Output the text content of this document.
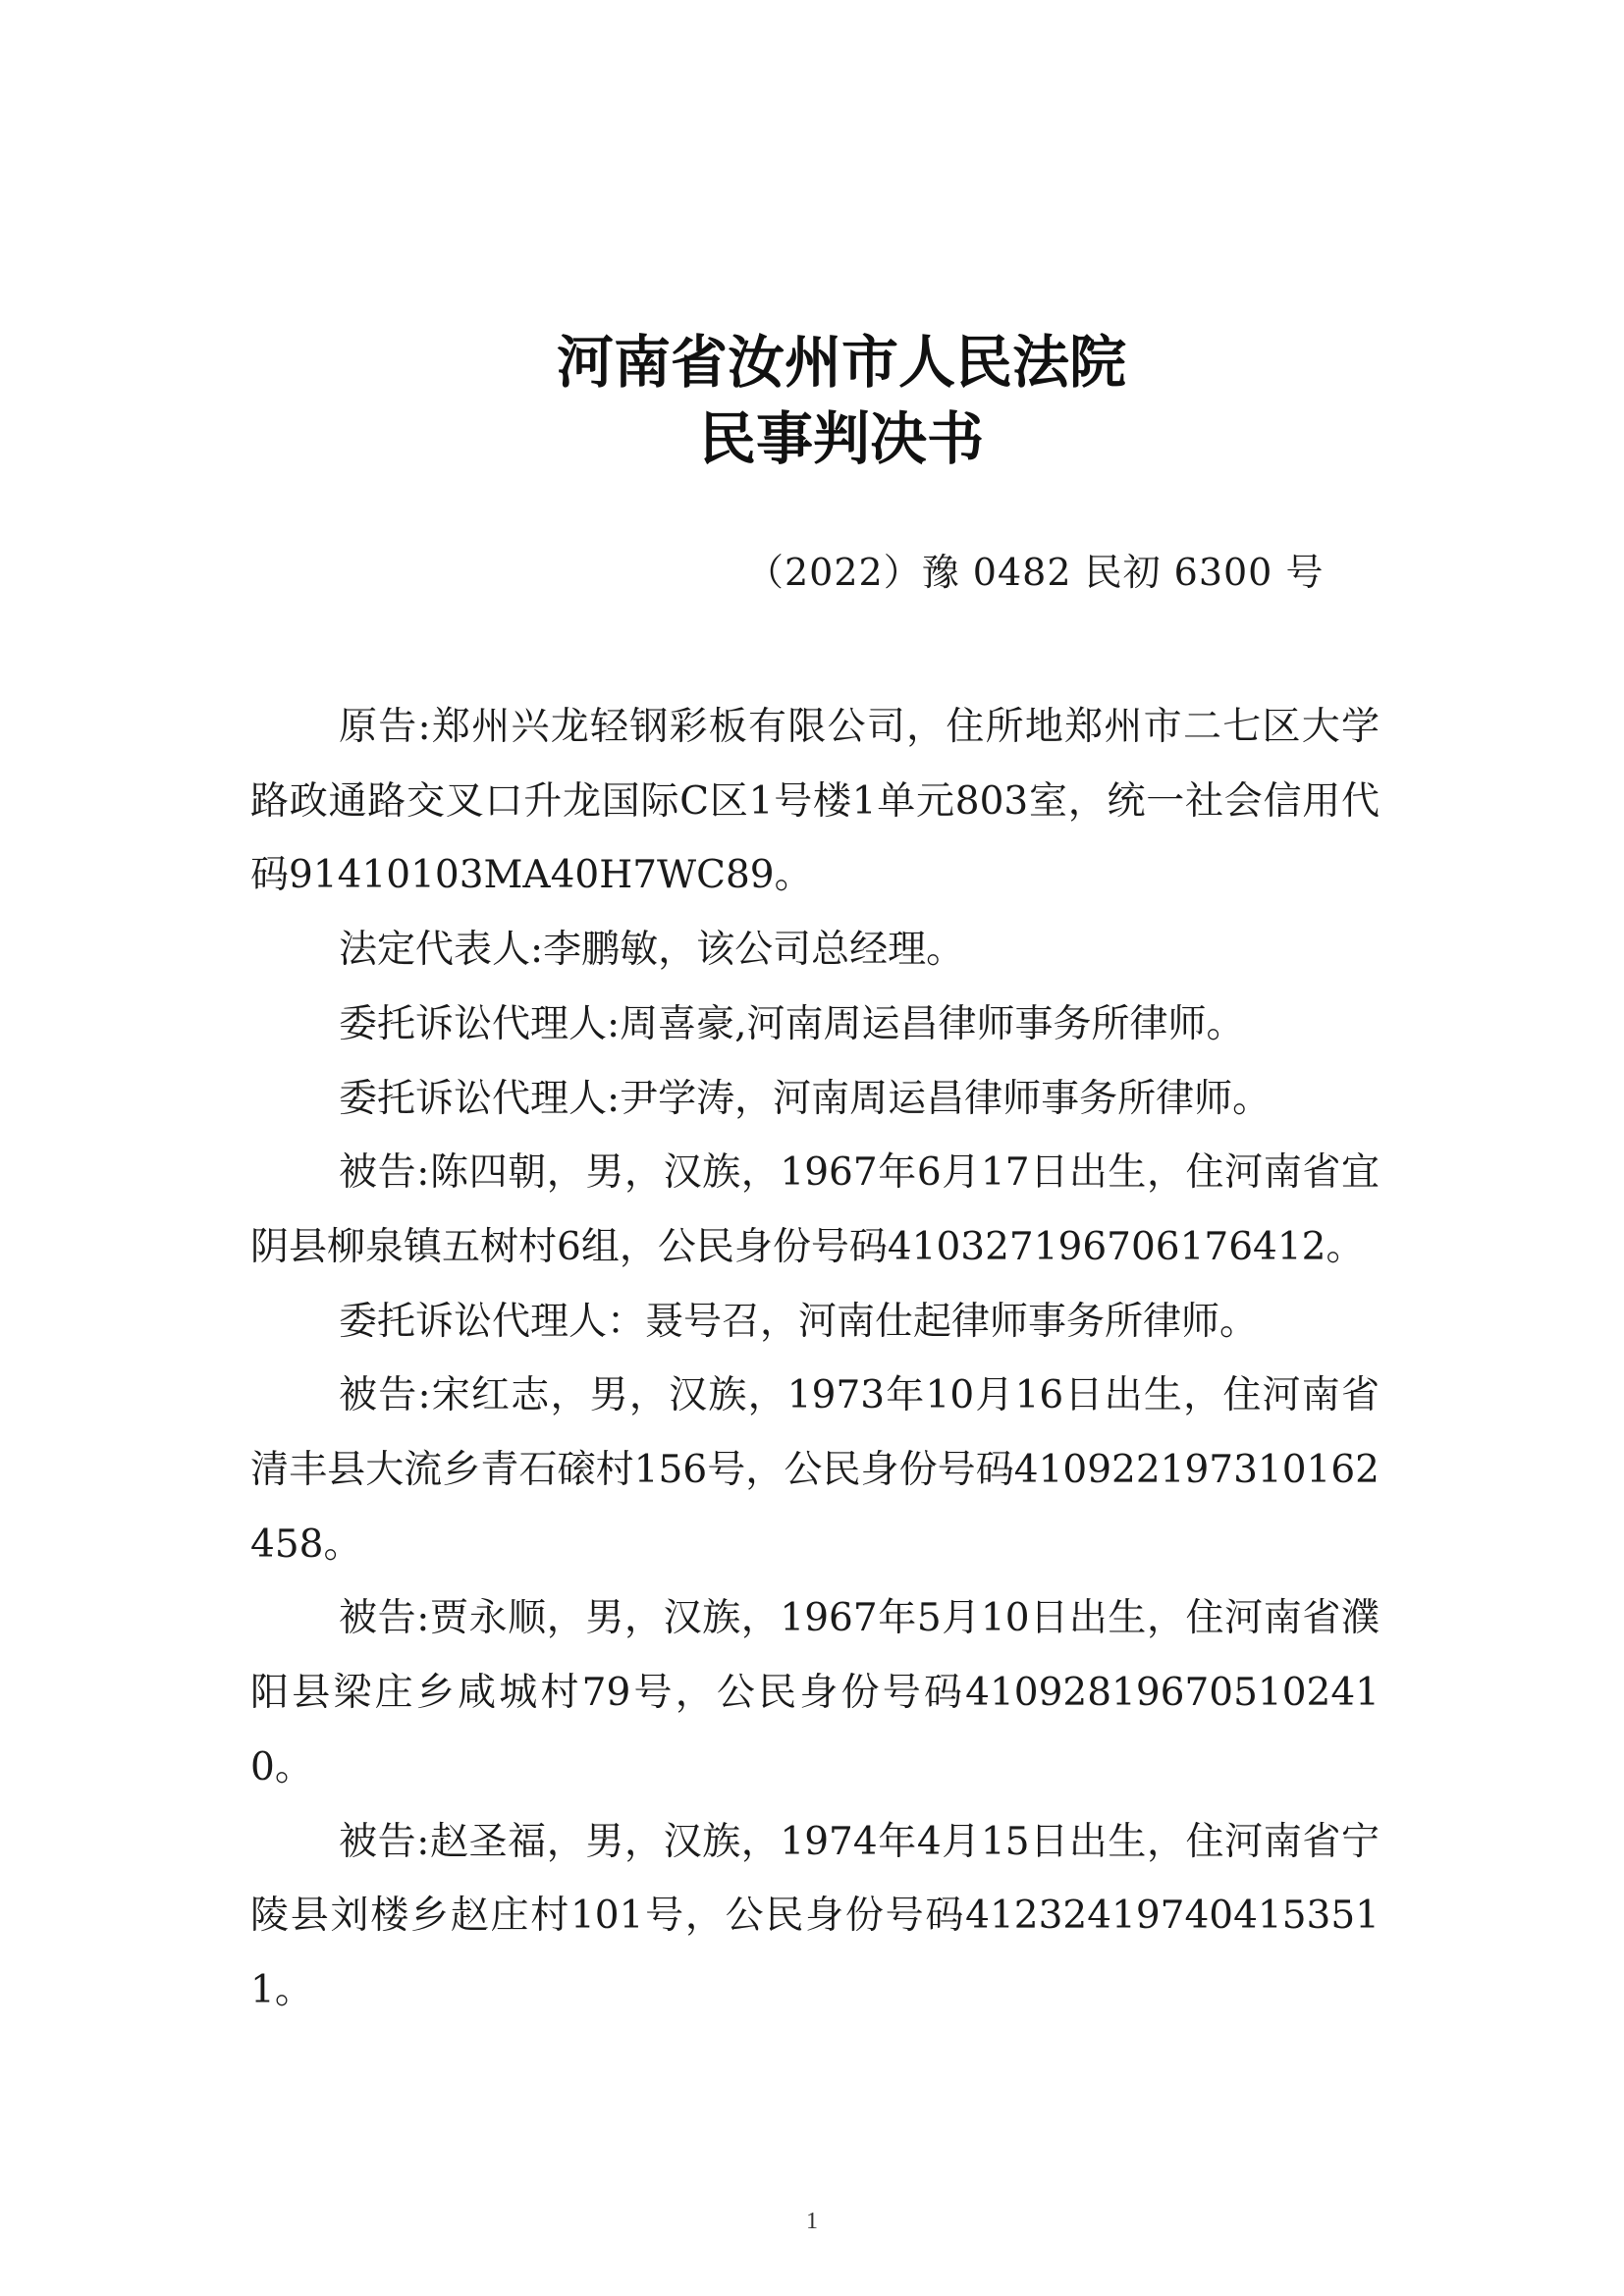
河南省汝州市人民法院
民事判决书
（2022）豫 0482 民初 6300 号

原告:郑州兴龙轻钢彩板有限公司，住所地郑州市二七区大学路政通路交叉口升龙国际C区1号楼1单元803室，统一社会信用代码91410103MA40H7WC89。

法定代表人:李鹏敏，该公司总经理。

委托诉讼代理人:周喜豪,河南周运昌律师事务所律师。

委托诉讼代理人:尹学涛，河南周运昌律师事务所律师。

被告:陈四朝，男，汉族，1967年6月17日出生，住河南省宜阴县柳泉镇五树村6组，公民身份号码410327196706176412。

委托诉讼代理人：聂号召，河南仕起律师事务所律师。

被告:宋红志，男，汉族，1973年10月16日出生，住河南省清丰县大流乡青石磙村156号，公民身份号码410922197310162458。

被告:贾永顺，男，汉族，1967年5月10日出生，住河南省濮阳县梁庄乡咸城村79号，公民身份号码410928196705102410。

被告:赵圣福，男，汉族，1974年4月15日出生，住河南省宁陵县刘楼乡赵庄村101号，公民身份号码412324197404153511。

1
